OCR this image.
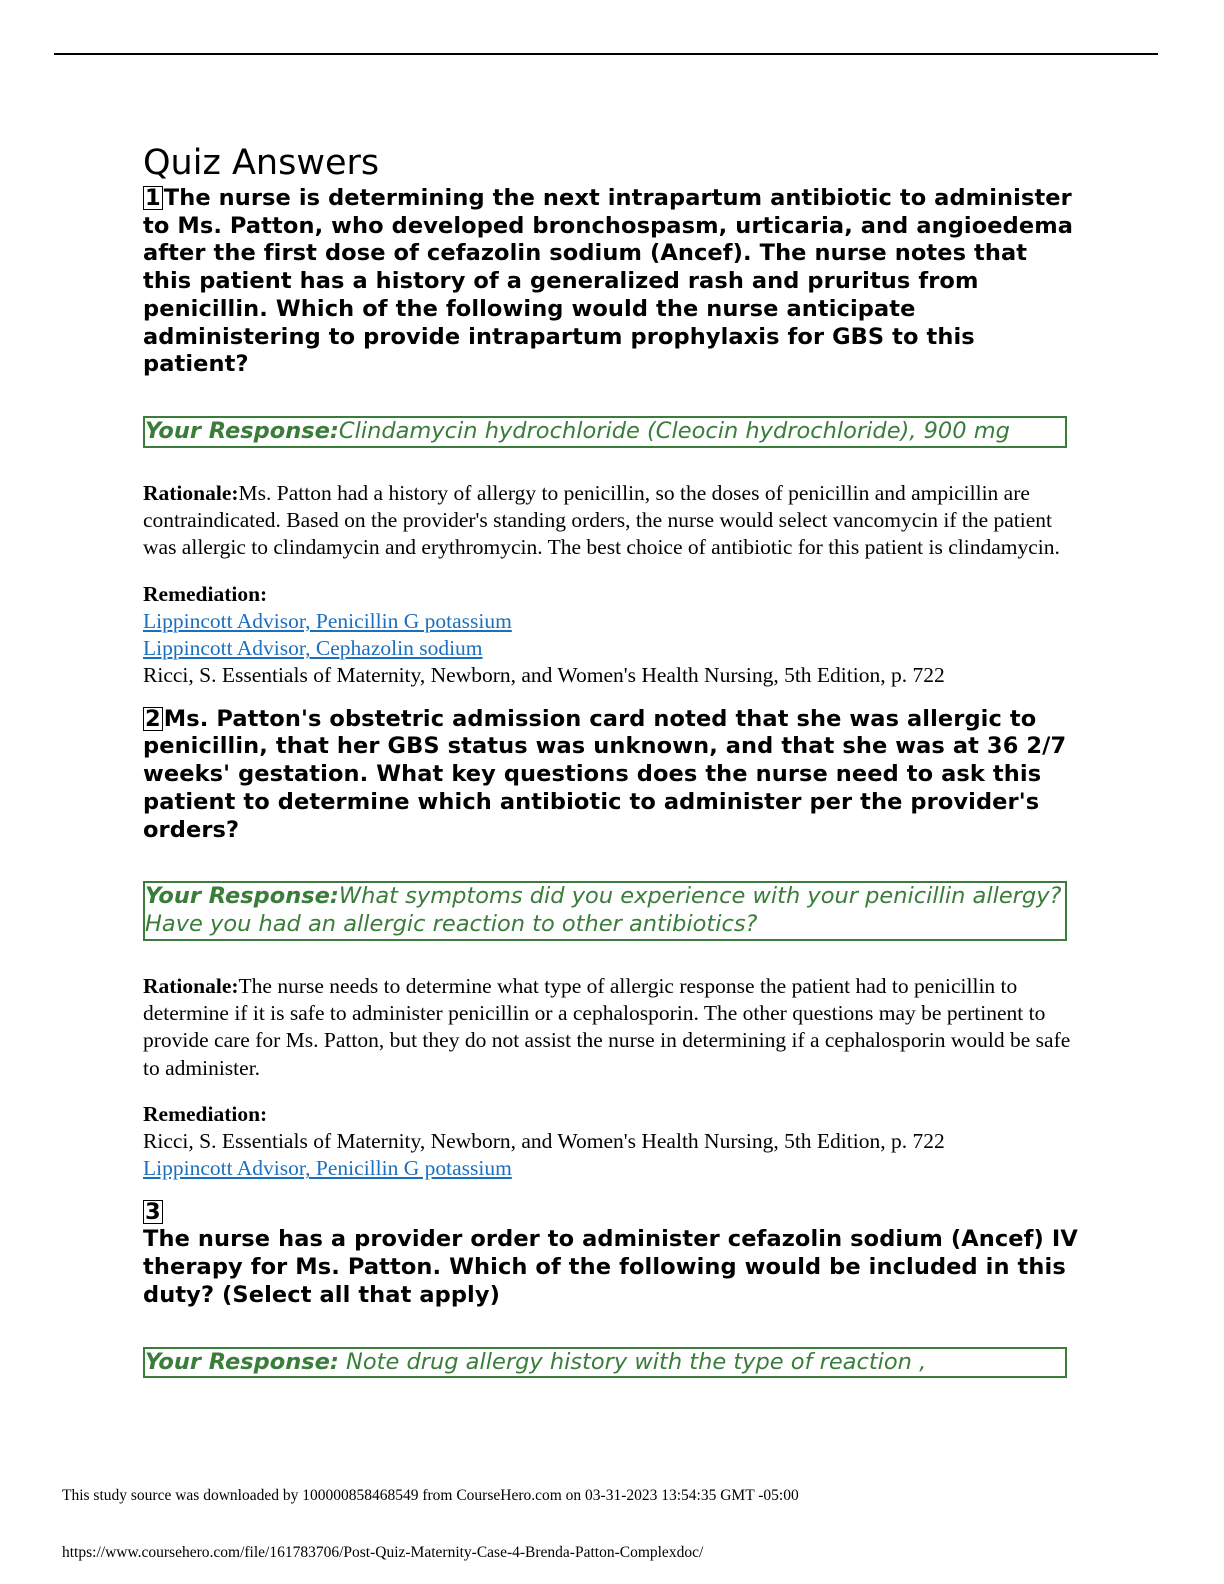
Quiz Answers

1 The nurse is determining the next intrapartum antibiotic to administer to Ms. Patton, who developed bronchospasm, urticaria, and angioedema after the first dose of cefazolin sodium (Ancef). The nurse notes that this patient has a history of a generalized rash and pruritus from penicillin. Which of the following would the nurse anticipate administering to provide intrapartum prophylaxis for GBS to this patient?

Your Response:Clindamycin hydrochloride (Cleocin hydrochloride), 900 mg

Rationale:Ms. Patton had a history of allergy to penicillin, so the doses of penicillin and ampicillin are contraindicated. Based on the provider's standing orders, the nurse would select vancomycin if the patient was allergic to clindamycin and erythromycin. The best choice of antibiotic for this patient is clindamycin.

Remediation:
Lippincott Advisor, Penicillin G potassium
Lippincott Advisor, Cephazolin sodium
Ricci, S. Essentials of Maternity, Newborn, and Women's Health Nursing, 5th Edition, p. 722

2 Ms. Patton's obstetric admission card noted that she was allergic to penicillin, that her GBS status was unknown, and that she was at 36 2/7 weeks' gestation. What key questions does the nurse need to ask this patient to determine which antibiotic to administer per the provider's orders?

Your Response:What symptoms did you experience with your penicillin allergy? Have you had an allergic reaction to other antibiotics?

Rationale:The nurse needs to determine what type of allergic response the patient had to penicillin to determine if it is safe to administer penicillin or a cephalosporin. The other questions may be pertinent to provide care for Ms. Patton, but they do not assist the nurse in determining if a cephalosporin would be safe to administer.

Remediation:
Ricci, S. Essentials of Maternity, Newborn, and Women's Health Nursing, 5th Edition, p. 722
Lippincott Advisor, Penicillin G potassium
3

The nurse has a provider order to administer cefazolin sodium (Ancef) IV therapy for Ms. Patton. Which of the following would be included in this duty? (Select all that apply)

Your Response: Note drug allergy history with the type of reaction ,
This study source was downloaded by 100000858468549 from CourseHero.com on 03-31-2023 13:54:35 GMT -05:00
https://www.coursehero.com/file/161783706/Post-Quiz-Maternity-Case-4-Brenda-Patton-Complexdoc/
